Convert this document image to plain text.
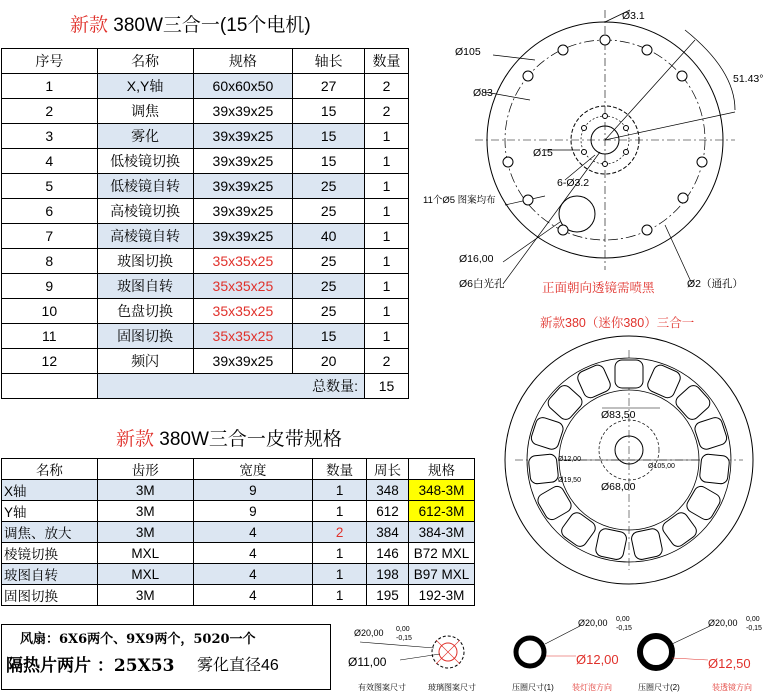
新款 380W三合一(15个电机)
序号	名称	规格	轴长	数量
1	X,Y轴	60x60x50	27	2
2	调焦	39x39x25	15	2
3	雾化	39x39x25	15	1
4	低棱镜切换	39x39x25	15	1
5	低棱镜自转	39x39x25	25	1
6	高棱镜切换	39x39x25	25	1
7	高棱镜自转	39x39x25	40	1
8	玻图切换	35x35x25	25	1
9	玻图自转	35x35x25	25	1
10	色盘切换	35x35x25	25	1
11	固图切换	35x35x25	15	1
12	频闪	39x39x25	20	2
	总数量:			15
新款 380W三合一皮带规格
名称	齿形	宽度	数量	周长	规格
X轴	3M	9	1	348	348-3M
Y轴	3M	9	1	612	612-3M
调焦、放大	3M	4	2	384	384-3M
棱镜切换	MXL	4	1	146	B72 MXL
玻图自转	MXL	4	1	198	B97 MXL
固图切换	3M	4	1	195	192-3M
风扇：6X6两个、9X9两个，5020一个
隔热片两片 ：25X53 雾化直径46
Ø3.1
Ø105
51.43°
Ø83
Ø15
6-Ø3.2
11个Ø5 图案均布
Ø16,00
Ø6白光孔	Ø2（通孔）
正面朝向透镜需喷黑
新款380（迷你380）三合一
Ø83,50
Ø12,00
Ø19,50
Ø105,00
Ø68,00
Ø20,00 0,00
-0,15
Ø11,00
有效图案尺寸	玻璃图案尺寸
Ø20,00 0,00
-0,15
Ø12,00
压圈尺寸(1) 装灯泡方向
Ø20,00 0,00
-0,15
Ø12,50
压圈尺寸(2)	装透镜方向
